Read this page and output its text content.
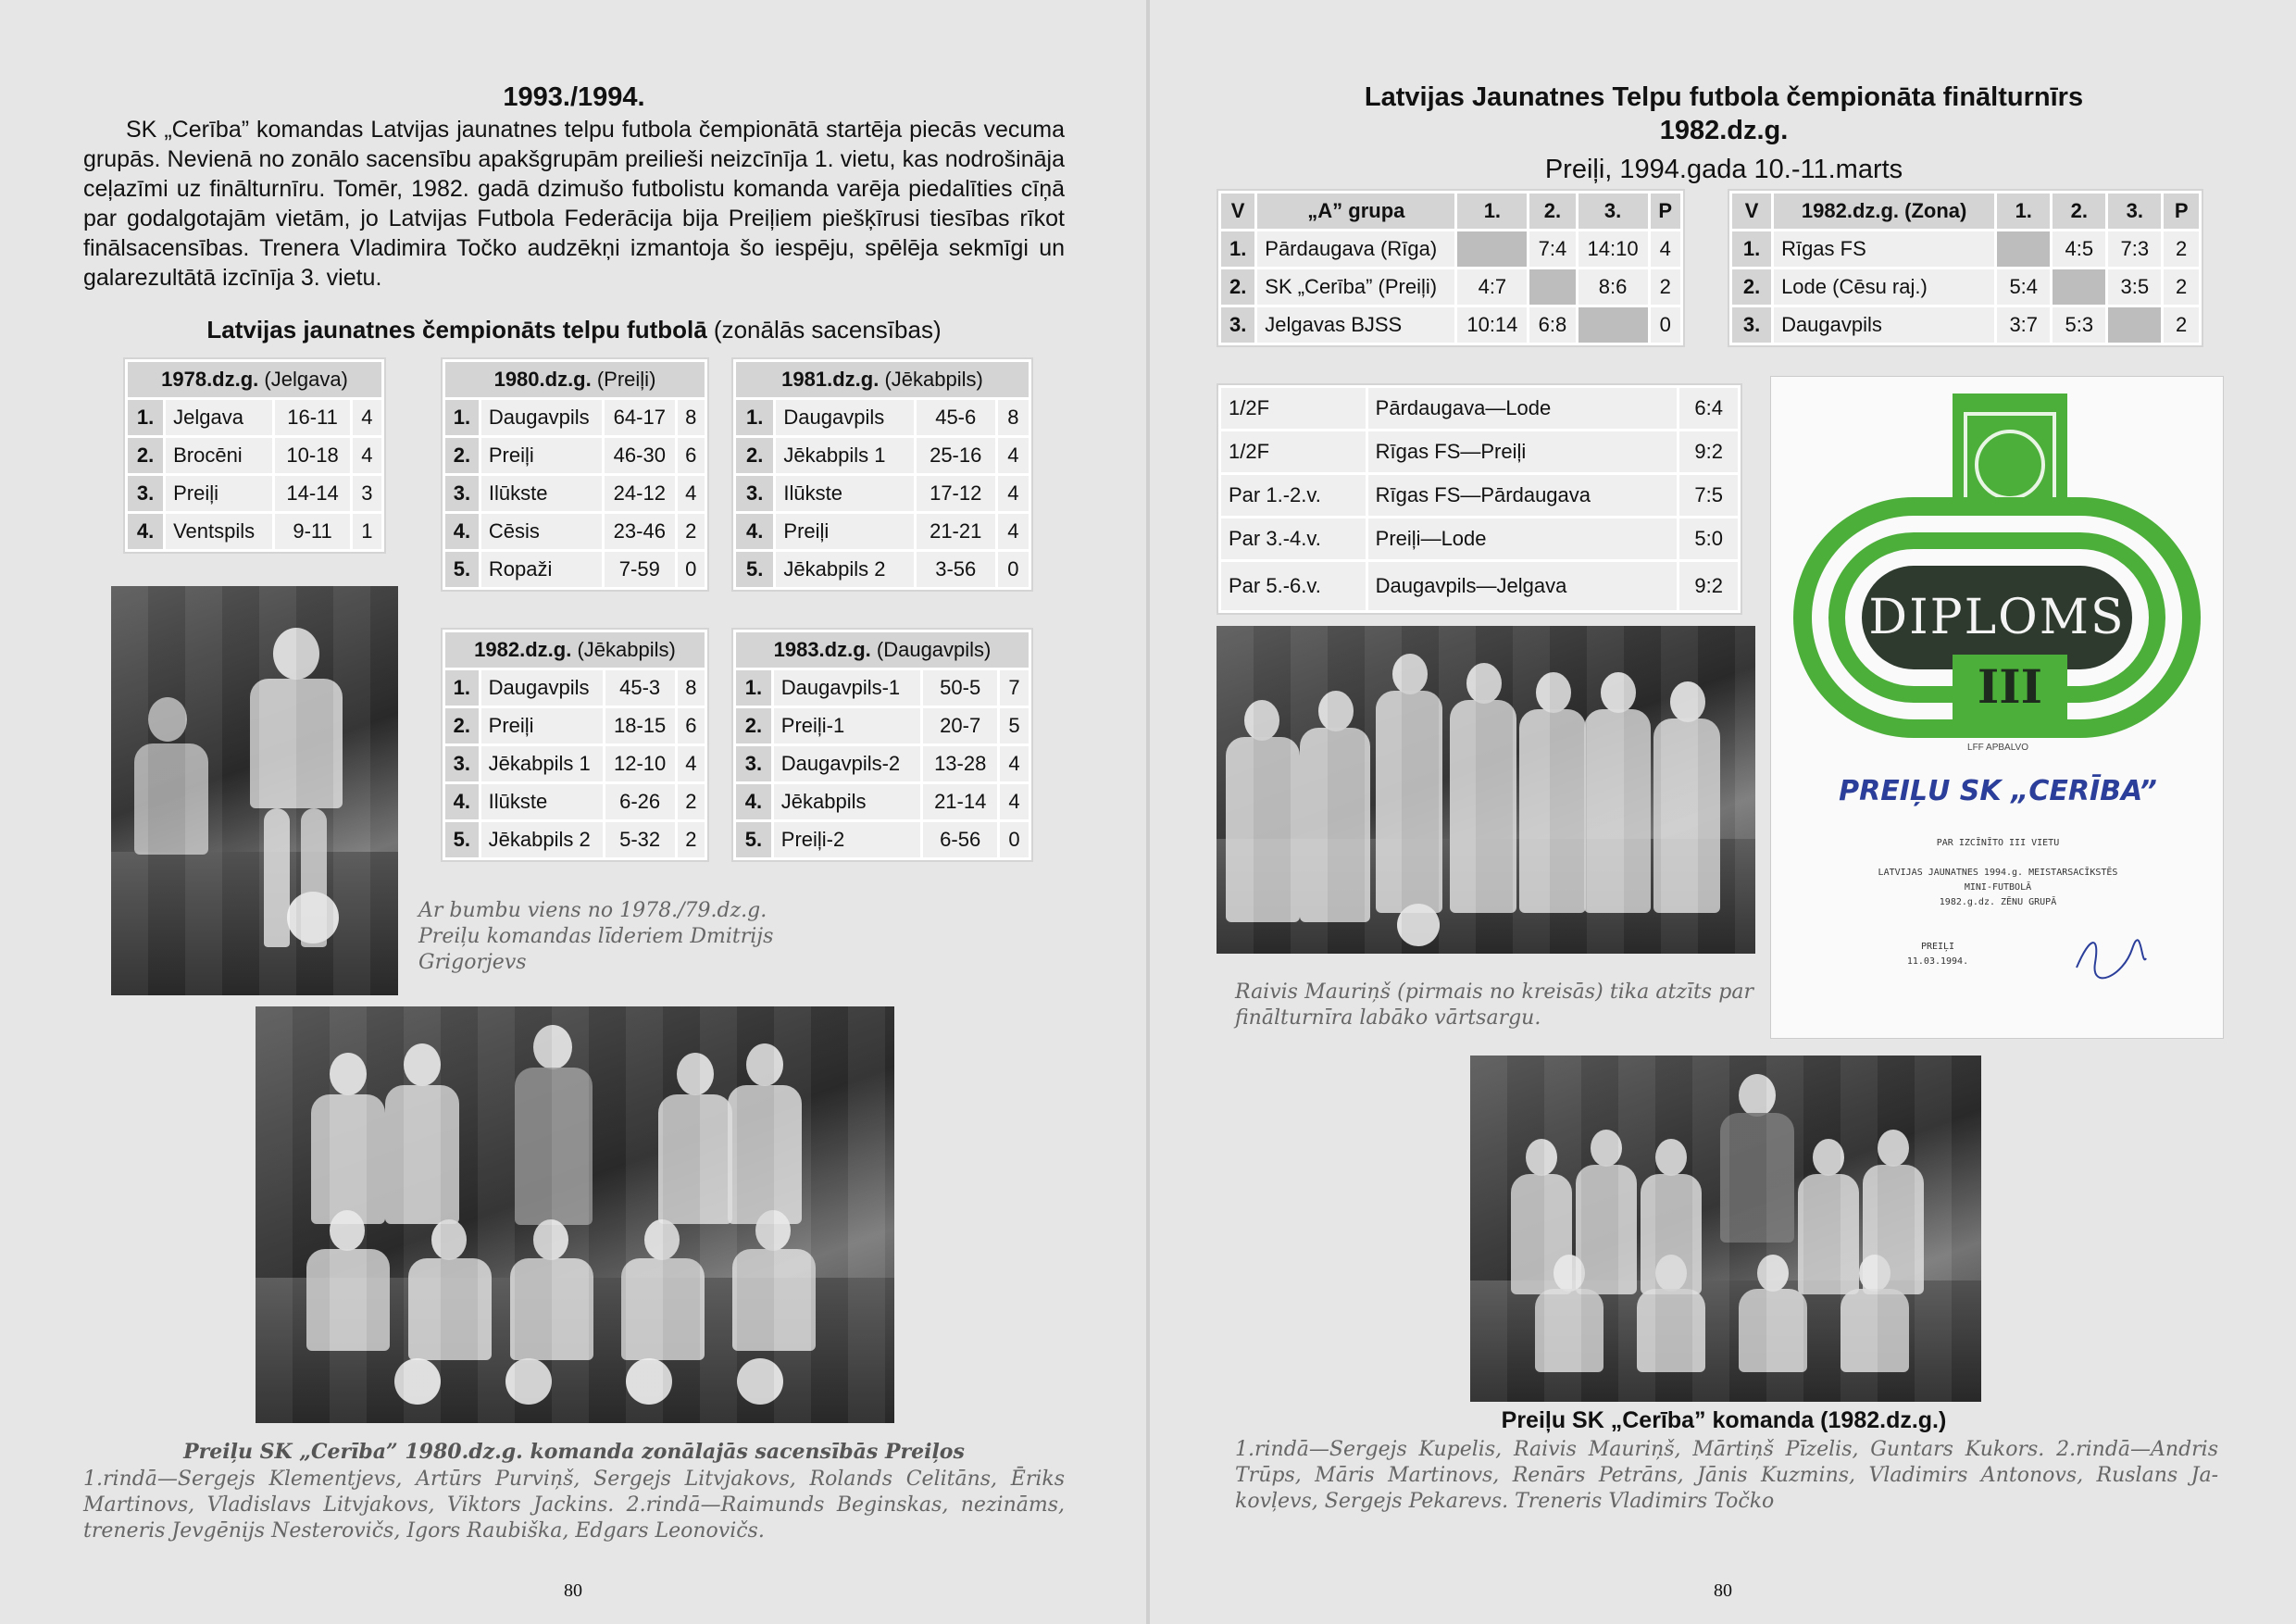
1993./1994.

SK „Cerība” komandas Latvijas jaunatnes telpu futbola čempionātā startēja piecās vecuma grupās. Nevienā no zonālo sacensību apakšgrupām preilieši neizcīnīja 1. vietu, kas nodrošināja ceļazīmi uz finālturnīru. Tomēr, 1982. gadā dzimušo futbolistu komanda varēja piedalīties cīņā par godalgotajām vietām, jo Latvijas Futbola Federācija bija Preiļiem piešķīrusi tiesības rīkot finālsacensības. Trenera Vladimira Točko audzēkņi izmantoja šo iespēju, spēlēja sekmīgi un galarezultātā izcīnīja 3. vietu.

Latvijas jaunatnes čempionāts telpu futbolā (zonālās sacensības)
1978.dz.g. (Jelgava)			
1.	Jelgava	16-11	4
2.	Brocēni	10-18	4
3.	Preiļi	14-14	3
4.	Ventspils	9-11	1
1980.dz.g. (Preiļi)			
1.	Daugavpils	64-17	8
2.	Preiļi	46-30	6
3.	Ilūkste	24-12	4
4.	Cēsis	23-46	2
5.	Ropaži	7-59	0
1981.dz.g. (Jēkabpils)			
1.	Daugavpils	45-6	8
2.	Jēkabpils 1	25-16	4
3.	Ilūkste	17-12	4
4.	Preiļi	21-21	4
5.	Jēkabpils 2	3-56	0
1982.dz.g. (Jēkabpils)			
1.	Daugavpils	45-3	8
2.	Preiļi	18-15	6
3.	Jēkabpils 1	12-10	4
4.	Ilūkste	6-26	2
5.	Jēkabpils 2	5-32	2
1983.dz.g. (Daugavpils)			
1.	Daugavpils-1	50-5	7
2.	Preiļi-1	20-7	5
3.	Daugavpils-2	13-28	4
4.	Jēkabpils	21-14	4
5.	Preiļi-2	6-56	0
Ar bumbu viens no 1978./79.dz.g. Preiļu komandas līderiem Dmitrijs Grigorjevs
Preiļu SK „Cerība” 1980.dz.g. komanda zonālajās sacensībās Preiļos
1.rindā—Sergejs Klementjevs, Artūrs Purviņš, Sergejs Litvjakovs, Rolands Celitāns, Ēriks Martinovs, Vladislavs Litvjakovs, Viktors Jackins. 2.rindā—Raimunds Beginskas, nezināms, treneris Jevgēnijs Nesterovičs, Igors Raubiška, Edgars Leonovičs.
80
Latvijas Jaunatnes Telpu futbola čempionāta finālturnīrs
1982.dz.g.
Preiļi, 1994.gada 10.-11.marts
V	„A” grupa	1.	2.	3.	P
1.	Pārdaugava (Rīga)		7:4	14:10	4
2.	SK „Cerība” (Preiļi)	4:7		8:6	2
3.	Jelgavas BJSS	10:14	6:8		0
V	1982.dz.g. (Zona)	1.	2.	3.	P
1.	Rīgas FS		4:5	7:3	2
2.	Lode (Cēsu raj.)	5:4		3:5	2
3.	Daugavpils	3:7	5:3		2
1/2F	Pārdaugava—Lode	6:4
1/2F	Rīgas FS—Preiļi	9:2
Par 1.-2.v.	Rīgas FS—Pārdaugava	7:5
Par 3.-4.v.	Preiļi—Lode	5:0
Par 5.-6.v.	Daugavpils—Jelgava	9:2
DIPLOMS
III
LFF APBALVO
PREIĻU SK „CERĪBA”
PAR IZCĪNĪTO III VIETU
LATVIJAS JAUNATNES 1994.g. MEISTARSACĪKSTĒS
MINI-FUTBOLĀ
1982.g.dz. ZĒNU GRUPĀ
PREIĻI
11.03.1994.
Raivis Mauriņš (pirmais no kreisās) tika atzīts par finālturnīra labāko vārtsargu.
Preiļu SK „Cerība” komanda (1982.dz.g.)
1.rindā—Sergejs Kupelis, Raivis Mauriņš, Mārtiņš Pīzelis, Guntars Kukors. 2.rindā—Andris Trūps, Māris Martinovs, Renārs Petrāns, Jānis Kuzmins, Vladimirs Antonovs, Ruslans Jakovļevs, Sergejs Pekarevs. Treneris Vladimirs Točko
80
